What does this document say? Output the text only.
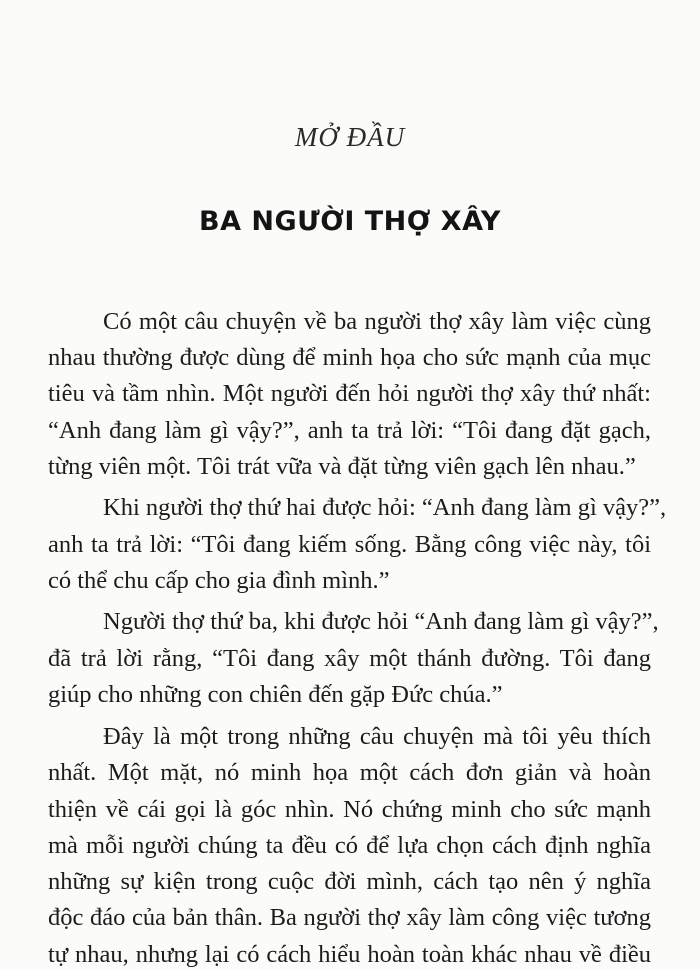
MỞ ĐẦU
BA NGƯỜI THỢ XÂY
Có một câu chuyện về ba người thợ xây làm việc cùng
nhau thường được dùng để minh họa cho sức mạnh của mục
tiêu và tầm nhìn. Một người đến hỏi người thợ xây thứ nhất:
“Anh đang làm gì vậy?”, anh ta trả lời: “Tôi đang đặt gạch,
từng viên một. Tôi trát vữa và đặt từng viên gạch lên nhau.”
Khi người thợ thứ hai được hỏi: “Anh đang làm gì vậy?”,
anh ta trả lời: “Tôi đang kiếm sống. Bằng công việc này, tôi
có thể chu cấp cho gia đình mình.”
Người thợ thứ ba, khi được hỏi “Anh đang làm gì vậy?”,
đã trả lời rằng, “Tôi đang xây một thánh đường. Tôi đang
giúp cho những con chiên đến gặp Đức chúa.”
Đây là một trong những câu chuyện mà tôi yêu thích
nhất. Một mặt, nó minh họa một cách đơn giản và hoàn
thiện về cái gọi là góc nhìn. Nó chứng minh cho sức mạnh
mà mỗi người chúng ta đều có để lựa chọn cách định nghĩa
những sự kiện trong cuộc đời mình, cách tạo nên ý nghĩa
độc đáo của bản thân. Ba người thợ xây làm công việc tương
tự nhau, nhưng lại có cách hiểu hoàn toàn khác nhau về điều
